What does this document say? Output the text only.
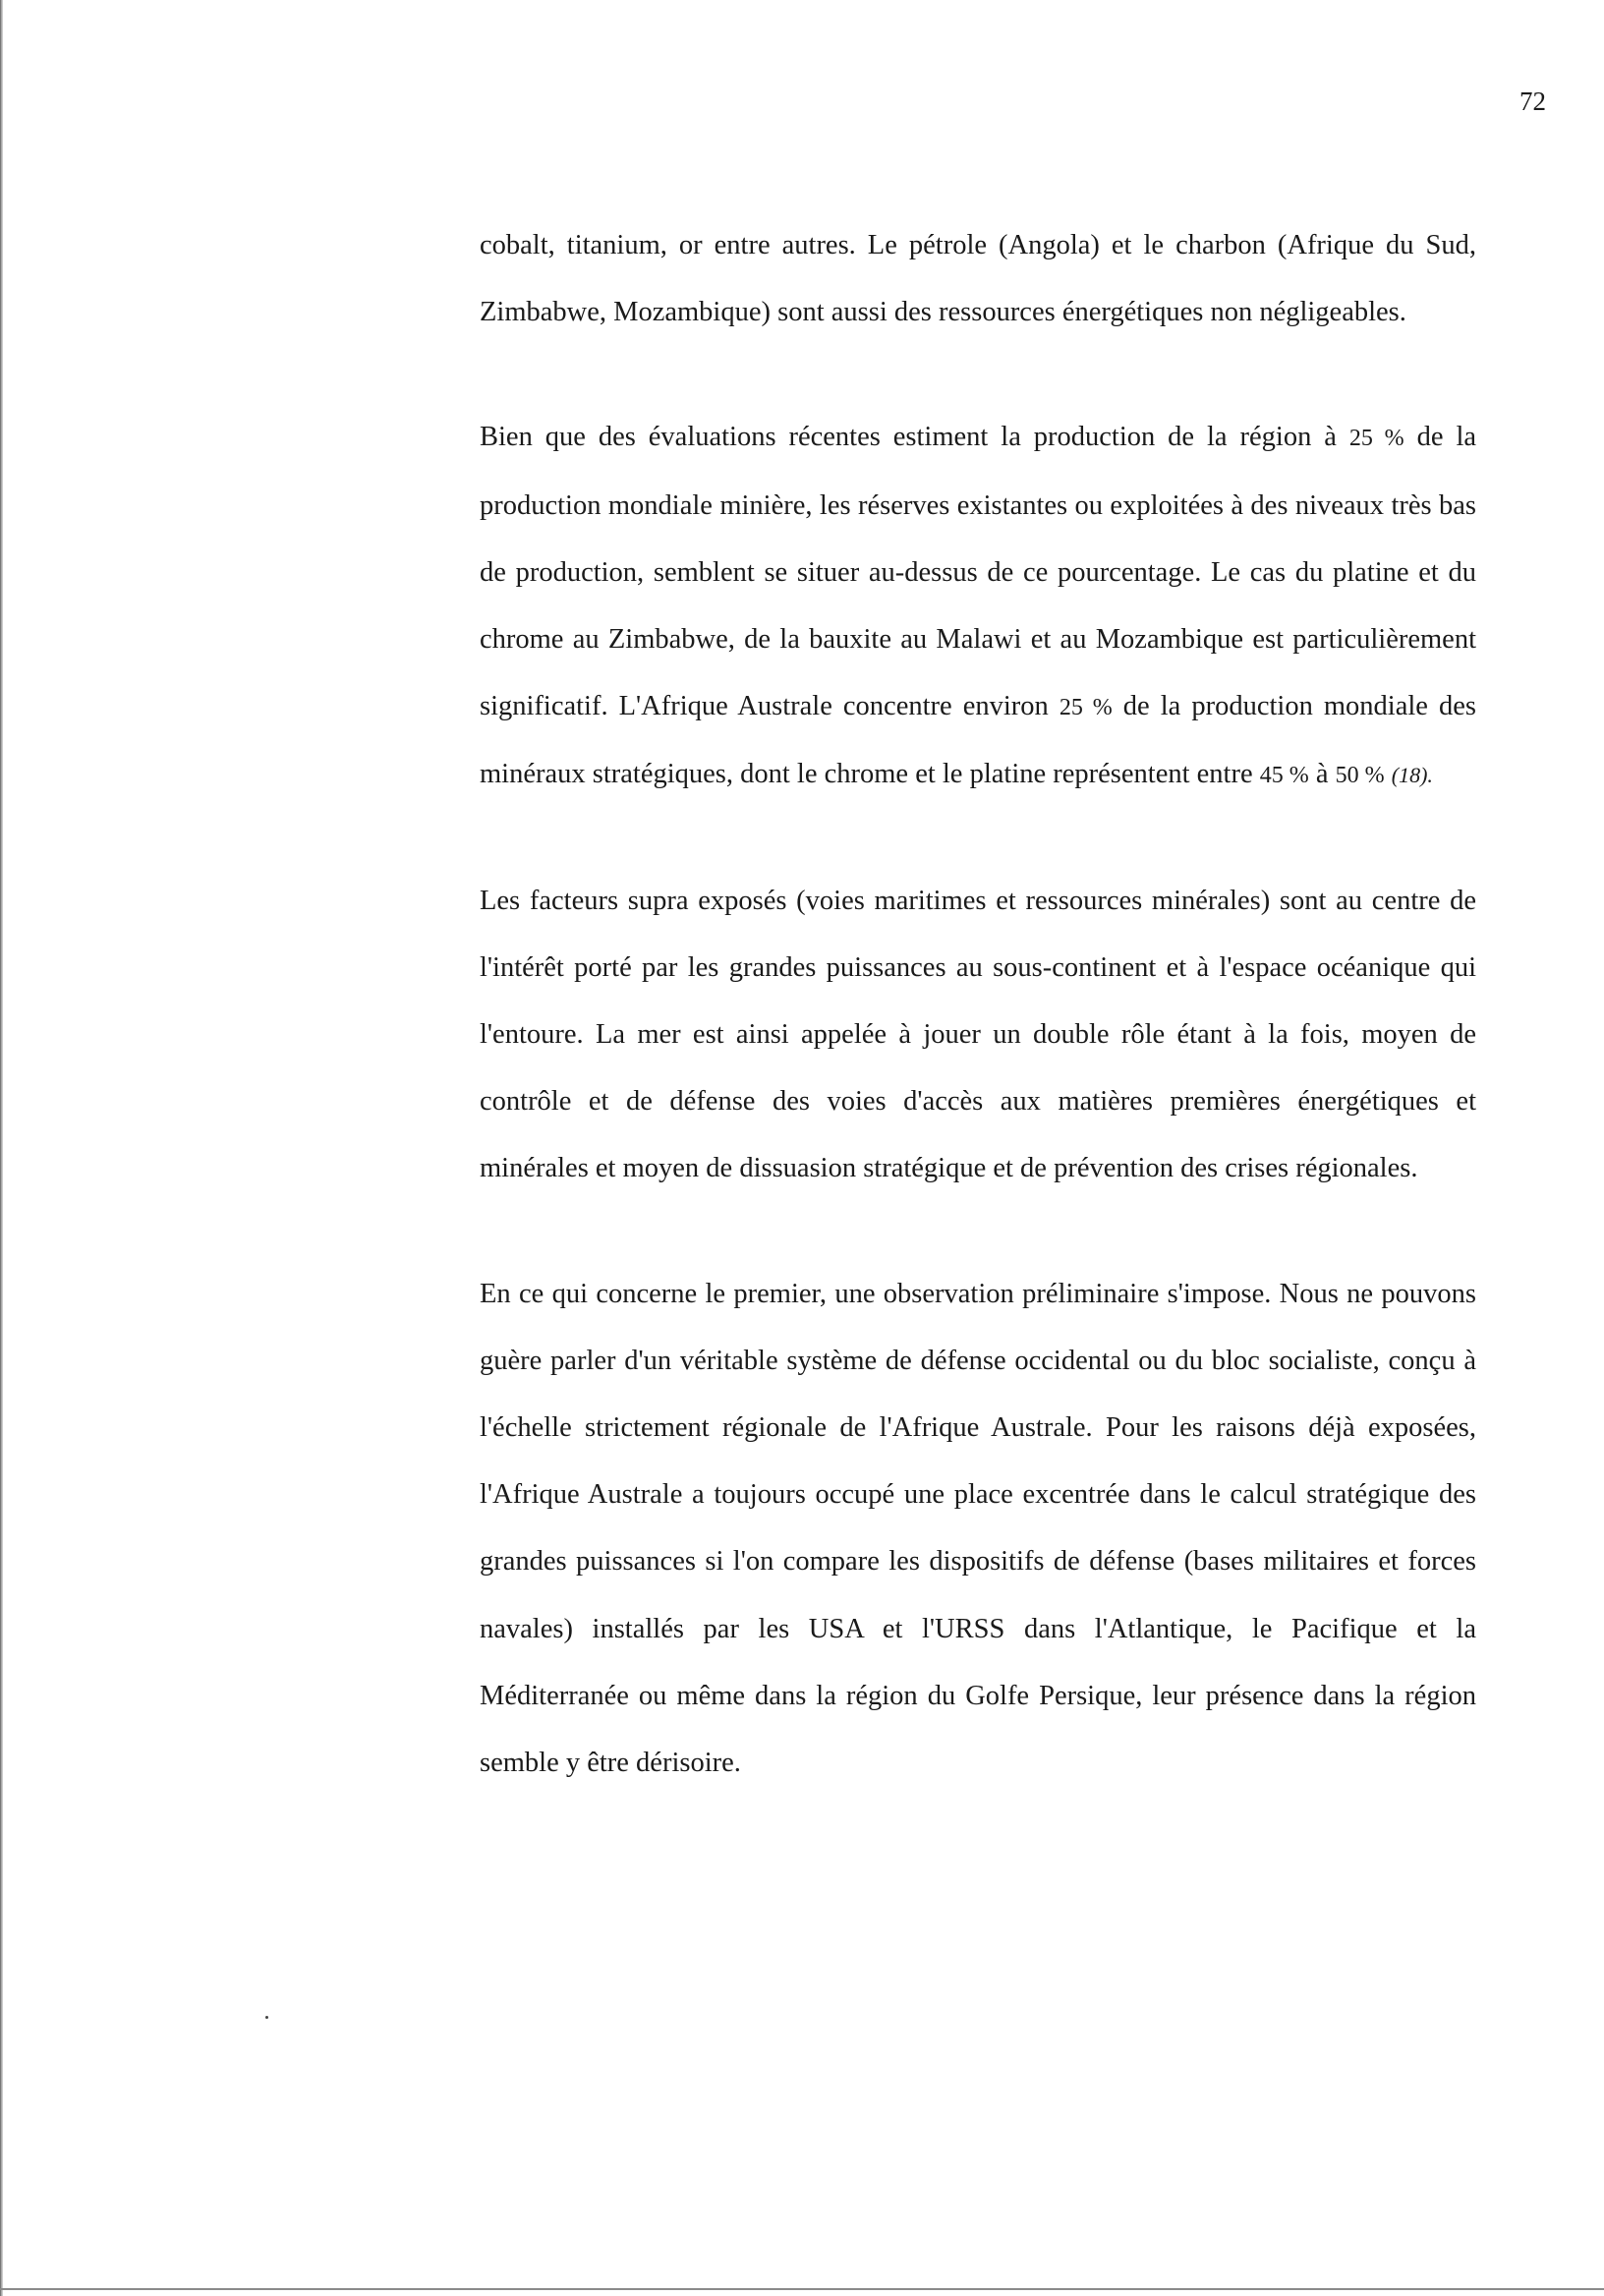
72

cobalt, titanium, or entre autres. Le pétrole (Angola) et le charbon (Afrique du Sud, Zimbabwe, Mozambique) sont aussi des ressources énergétiques non négligeables.

Bien que des évaluations récentes estiment la production de la région à 25 % de la production mondiale minière, les réserves existantes ou exploitées à des niveaux très bas de production, semblent se situer au-dessus de ce pourcentage. Le cas du platine et du chrome au Zimbabwe, de la bauxite au Malawi et au Mozambique est particulièrement significatif. L'Afrique Australe concentre environ 25 % de la production mondiale des minéraux stratégiques, dont le chrome et le platine représentent entre 45 % à 50 % (18).

Les facteurs supra exposés (voies maritimes et ressources minérales) sont au centre de l'intérêt porté par les grandes puissances au sous-continent et à l'espace océanique qui l'entoure. La mer est ainsi appelée à jouer un double rôle étant à la fois, moyen de contrôle et de défense des voies d'accès aux matières premières énergétiques et minérales et moyen de dissuasion stratégique et de prévention des crises régionales.

En ce qui concerne le premier, une observation préliminaire s'impose. Nous ne pouvons guère parler d'un véritable système de défense occidental ou du bloc socialiste, conçu à l'échelle strictement régionale de l'Afrique Australe. Pour les raisons déjà exposées, l'Afrique Australe a toujours occupé une place excentrée dans le calcul stratégique des grandes puissances si l'on compare les dispositifs de défense (bases militaires et forces navales) installés par les USA et l'URSS dans l'Atlantique, le Pacifique et la Méditerranée ou même dans la région du Golfe Persique, leur présence dans la région semble y être dérisoire.
